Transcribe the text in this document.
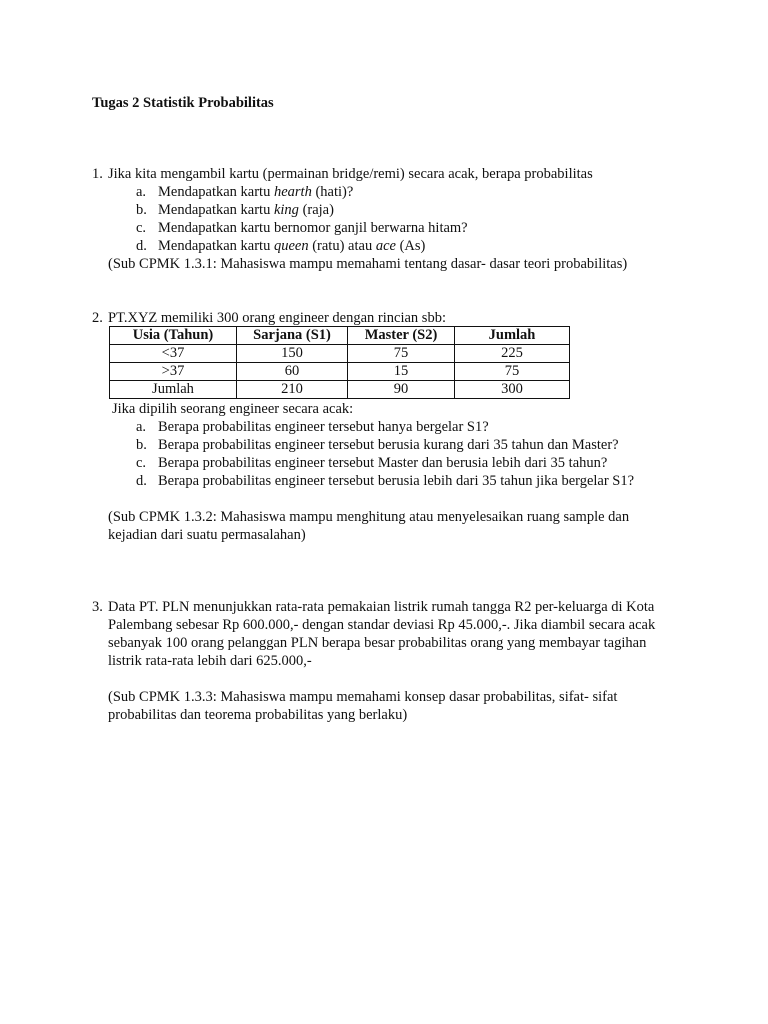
Tugas 2 Statistik Probabilitas
1. Jika kita mengambil kartu (permainan bridge/remi) secara acak, berapa probabilitas
a. Mendapatkan kartu hearth (hati)?
b. Mendapatkan kartu king (raja)
c. Mendapatkan kartu bernomor ganjil berwarna hitam?
d. Mendapatkan kartu queen (ratu) atau ace (As)
(Sub CPMK 1.3.1: Mahasiswa mampu memahami tentang dasar- dasar teori probabilitas)
2. PT.XYZ memiliki 300 orang engineer dengan rincian sbb:
Usia (Tahun)	Sarjana (S1)	Master (S2)	Jumlah
<37	150	75	225
>37	60	15	75
Jumlah	210	90	300
Jika dipilih seorang engineer secara acak:
a. Berapa probabilitas engineer tersebut hanya bergelar S1?
b. Berapa probabilitas engineer tersebut berusia kurang dari 35 tahun dan Master?
c. Berapa probabilitas engineer tersebut Master dan berusia lebih dari 35 tahun?
d. Berapa probabilitas engineer tersebut berusia lebih dari 35 tahun jika bergelar S1?
(Sub CPMK 1.3.2: Mahasiswa mampu menghitung atau menyelesaikan ruang sample dan
kejadian dari suatu permasalahan)
3. Data PT. PLN menunjukkan rata-rata pemakaian listrik rumah tangga R2 per-keluarga di Kota
Palembang sebesar Rp 600.000,- dengan standar deviasi Rp 45.000,-. Jika diambil secara acak
sebanyak 100 orang pelanggan PLN berapa besar probabilitas orang yang membayar tagihan
listrik rata-rata lebih dari 625.000,-
(Sub CPMK 1.3.3: Mahasiswa mampu memahami konsep dasar probabilitas, sifat- sifat
probabilitas dan teorema probabilitas yang berlaku)
